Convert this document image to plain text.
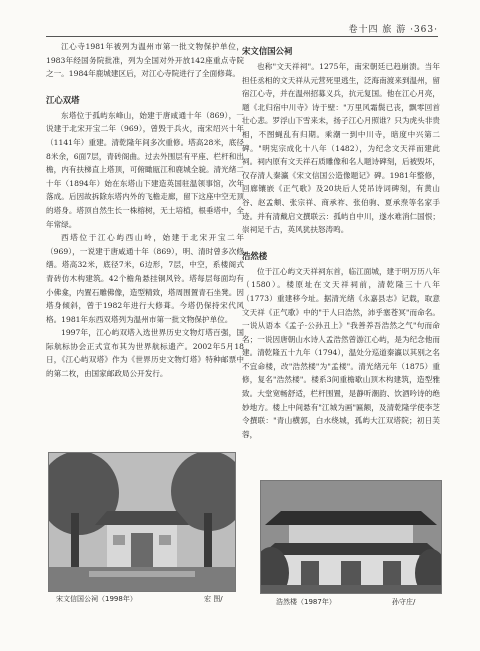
卷十四 旅 游 ·363·

江心寺1981年被列为温州市第一批文物保护单位，1983年经国务院批准，列为全国对外开放142座重点寺院之一。1984年鹿城建区后，对江心寺院进行了全面修葺。

江心双塔

东塔位于孤屿东峰山，始建于唐咸通十年（869），一说建于北宋开宝二年（969），曾毁于兵火，南宋绍兴十年（1141年）重建。清乾隆年间多次重修。塔高28米，底径8米余，6面7层，青砖阁曲。过去外围层有平座、栏杆和出檐，内有扶梯直上塔顶，可俯瞰瓯江和鹿城全貌。清光绪二十年（1894年）始在东塔山下建造英国驻温领事馆，次年落成。后因故拆除东塔内外的飞檐走廊，留下这座中空无顶的塔身。塔顶自然生长一株榕树，无土培植，根垂塔中，全年常绿。

西塔位于江心屿西山岭，始建于北宋开宝二年（969），一说建于唐咸通十年（869），明、清时曾多次修缮。塔高32米，底径7米，6边形，7层，中空，系楼阁式青砖仿木构建筑。42个檐角悬挂铜风铃。塔每层每面均有小佛龛，内置石雕佛像，造型精致，塔周围置青石坐凳。因塔身倾斜，曾于1982年进行大修葺。今塔仍保持宋代风格。1981年东西双塔列为温州市第一批文物保护单位。

1997年，江心屿双塔入选世界历史文物灯塔百强，国际航标协会正式宣布其为世界航标遗产。2002年5月18日，《江心屿双塔》作为《世界历史文物灯塔》特种邮票中的第二枚，由国家邮政局公开发行。

宋文信国公祠

也称"文天祥祠"。1275年，南宋朝廷已趋崩溃。当年担任丞相的文天祥从元营死里逃生，泛海南渡来到温州，留宿江心寺，并在温州招募义兵，抗元复国。他在江心月亮，题《北归宿中川寺》诗于壁："万里风霜鬓已丧，飘零回首壮心悲。罗浮山下雪来未，扬子江心月照谁？只为虎头非贵相，不图蝇乱有归期。乘潮一到中川寺，暗度中兴第二碑。"明宪宗成化十八年（1482），为纪念文天祥而建此祠。祠内原有文天祥石质雕像和名人题诗碑刻，后被毁坏，仅存清人秦瀛《宋文信国公造像题记》碑。1981年整修，回廊镶嵌《正气歌》及20块后人凭吊诗词碑刻，有黄山谷、赵孟頫、张宗祥、商承祚、张伯驹、夏承焘等名家手迹。并有清戴启文撰联云：孤屿自中川，遂水难消仁国恨；崇祠足千古，英风犹扶怒涛鸣。

浩然楼

位于江心屿文天祥祠东首，临江面城，建于明万历八年（1580）。楼原址在文天祥祠前，清乾隆三十八年（1773）重建移今址。据清光绪《永嘉县志》记载，取意文天祥《正气歌》中的"于人曰浩然，沛乎塞苍冥"而命名。一说从语本《孟子·公孙丑上》"我善养吾浩然之气"句而命名；一说因唐朝山水诗人孟浩然曾游江心屿，是为纪念他而建。清乾隆五十九年（1794），温处分巡道秦瀛以其别之名不宜命楼，改"浩然楼"为"孟楼"。清光绪元年（1875）重修，复名"浩然楼"。楼系3间重檐歇山顶木构建筑，造型雅致。大堂宽畅舒适，栏杆围置，是静听潮韵、饮酒吟诗的绝妙地方。楼上中间悬有"江城为画"匾额，及清乾隆学使李芝令撰联："青山横郭，白水绕城，孤屿大江双塔院；初日芙蓉，

宋文信国公祠（1998年）	宏 图/	浩然楼（1987年）	孙守庄/
